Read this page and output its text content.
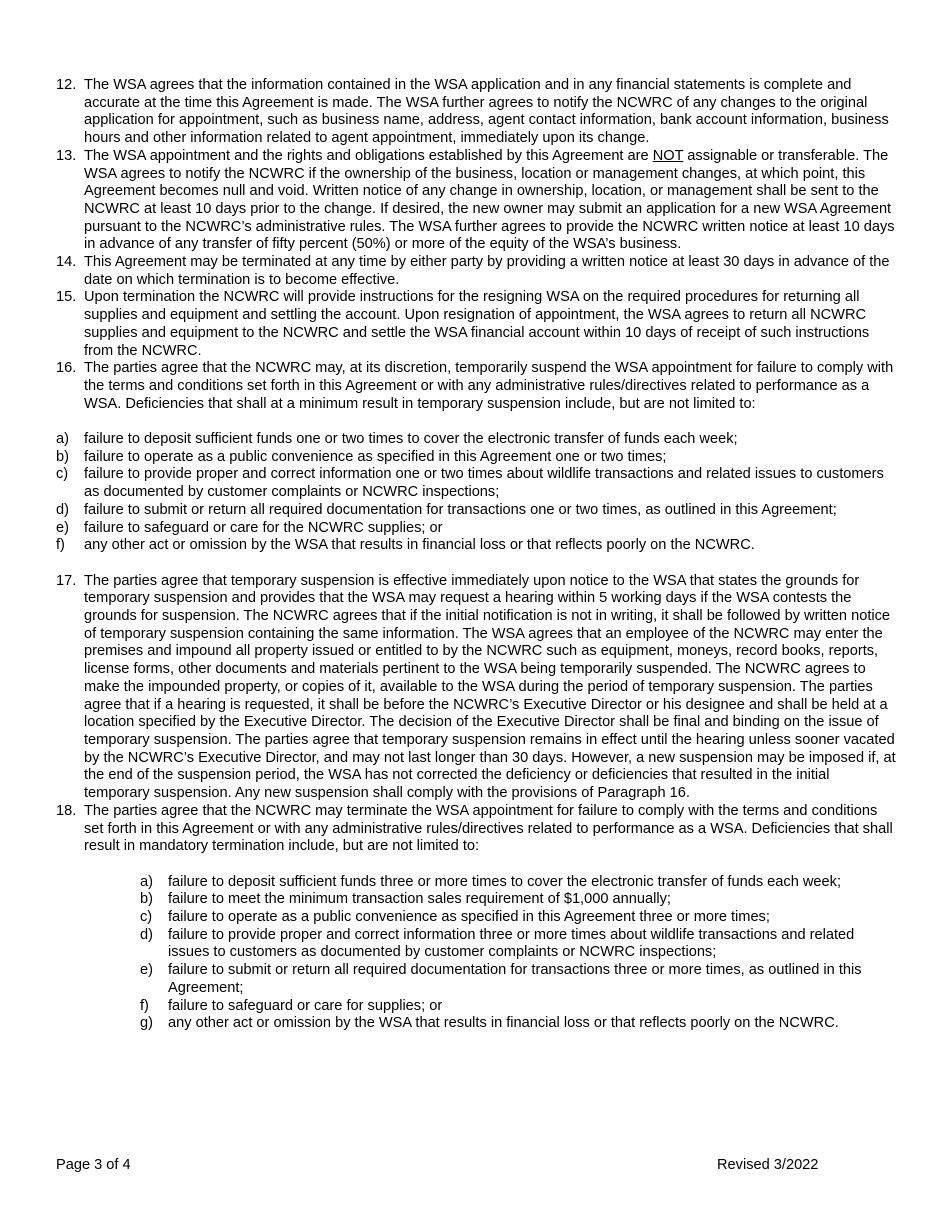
12. The WSA agrees that the information contained in the WSA application and in any financial statements is complete and accurate at the time this Agreement is made. The WSA further agrees to notify the NCWRC of any changes to the original application for appointment, such as business name, address, agent contact information, bank account information, business hours and other information related to agent appointment, immediately upon its change.
13. The WSA appointment and the rights and obligations established by this Agreement are NOT assignable or transferable. The WSA agrees to notify the NCWRC if the ownership of the business, location or management changes, at which point, this Agreement becomes null and void. Written notice of any change in ownership, location, or management shall be sent to the NCWRC at least 10 days prior to the change. If desired, the new owner may submit an application for a new WSA Agreement pursuant to the NCWRC’s administrative rules. The WSA further agrees to provide the NCWRC written notice at least 10 days in advance of any transfer of fifty percent (50%) or more of the equity of the WSA’s business.
14. This Agreement may be terminated at any time by either party by providing a written notice at least 30 days in advance of the date on which termination is to become effective.
15. Upon termination the NCWRC will provide instructions for the resigning WSA on the required procedures for returning all supplies and equipment and settling the account. Upon resignation of appointment, the WSA agrees to return all NCWRC supplies and equipment to the NCWRC and settle the WSA financial account within 10 days of receipt of such instructions from the NCWRC.
16. The parties agree that the NCWRC may, at its discretion, temporarily suspend the WSA appointment for failure to comply with the terms and conditions set forth in this Agreement or with any administrative rules/directives related to performance as a WSA. Deficiencies that shall at a minimum result in temporary suspension include, but are not limited to:
a)	failure to deposit sufficient funds one or two times to cover the electronic transfer of funds each week;
b)	failure to operate as a public convenience as specified in this Agreement one or two times;
c)	failure to provide proper and correct information one or two times about wildlife transactions and related issues to customers as documented by customer complaints or NCWRC inspections;
d)	failure to submit or return all required documentation for transactions one or two times, as outlined in this Agreement;
e)	failure to safeguard or care for the NCWRC supplies; or
f)	any other act or omission by the WSA that results in financial loss or that reflects poorly on the NCWRC.
17. The parties agree that temporary suspension is effective immediately upon notice to the WSA that states the grounds for temporary suspension and provides that the WSA may request a hearing within 5 working days if the WSA contests the grounds for suspension. The NCWRC agrees that if the initial notification is not in writing, it shall be followed by written notice of temporary suspension containing the same information. The WSA agrees that an employee of the NCWRC may enter the premises and impound all property issued or entitled to by the NCWRC such as equipment, moneys, record books, reports, license forms, other documents and materials pertinent to the WSA being temporarily suspended. The NCWRC agrees to make the impounded property, or copies of it, available to the WSA during the period of temporary suspension. The parties agree that if a hearing is requested, it shall be before the NCWRC’s Executive Director or his designee and shall be held at a location specified by the Executive Director. The decision of the Executive Director shall be final and binding on the issue of temporary suspension. The parties agree that temporary suspension remains in effect until the hearing unless sooner vacated by the NCWRC’s Executive Director, and may not last longer than 30 days. However, a new suspension may be imposed if, at the end of the suspension period, the WSA has not corrected the deficiency or deficiencies that resulted in the initial temporary suspension. Any new suspension shall comply with the provisions of Paragraph 16.
18. The parties agree that the NCWRC may terminate the WSA appointment for failure to comply with the terms and conditions set forth in this Agreement or with any administrative rules/directives related to performance as a WSA. Deficiencies that shall result in mandatory termination include, but are not limited to:
a)	failure to deposit sufficient funds three or more times to cover the electronic transfer of funds each week;
b)	failure to meet the minimum transaction sales requirement of $1,000 annually;
c)	failure to operate as a public convenience as specified in this Agreement three or more times;
d)	failure to provide proper and correct information three or more times about wildlife transactions and related issues to customers as documented by customer complaints or NCWRC inspections;
e)	failure to submit or return all required documentation for transactions three or more times, as outlined in this Agreement;
f)	failure to safeguard or care for supplies; or
g)	any other act or omission by the WSA that results in financial loss or that reflects poorly on the NCWRC.
Page 3 of 4	Revised 3/2022
